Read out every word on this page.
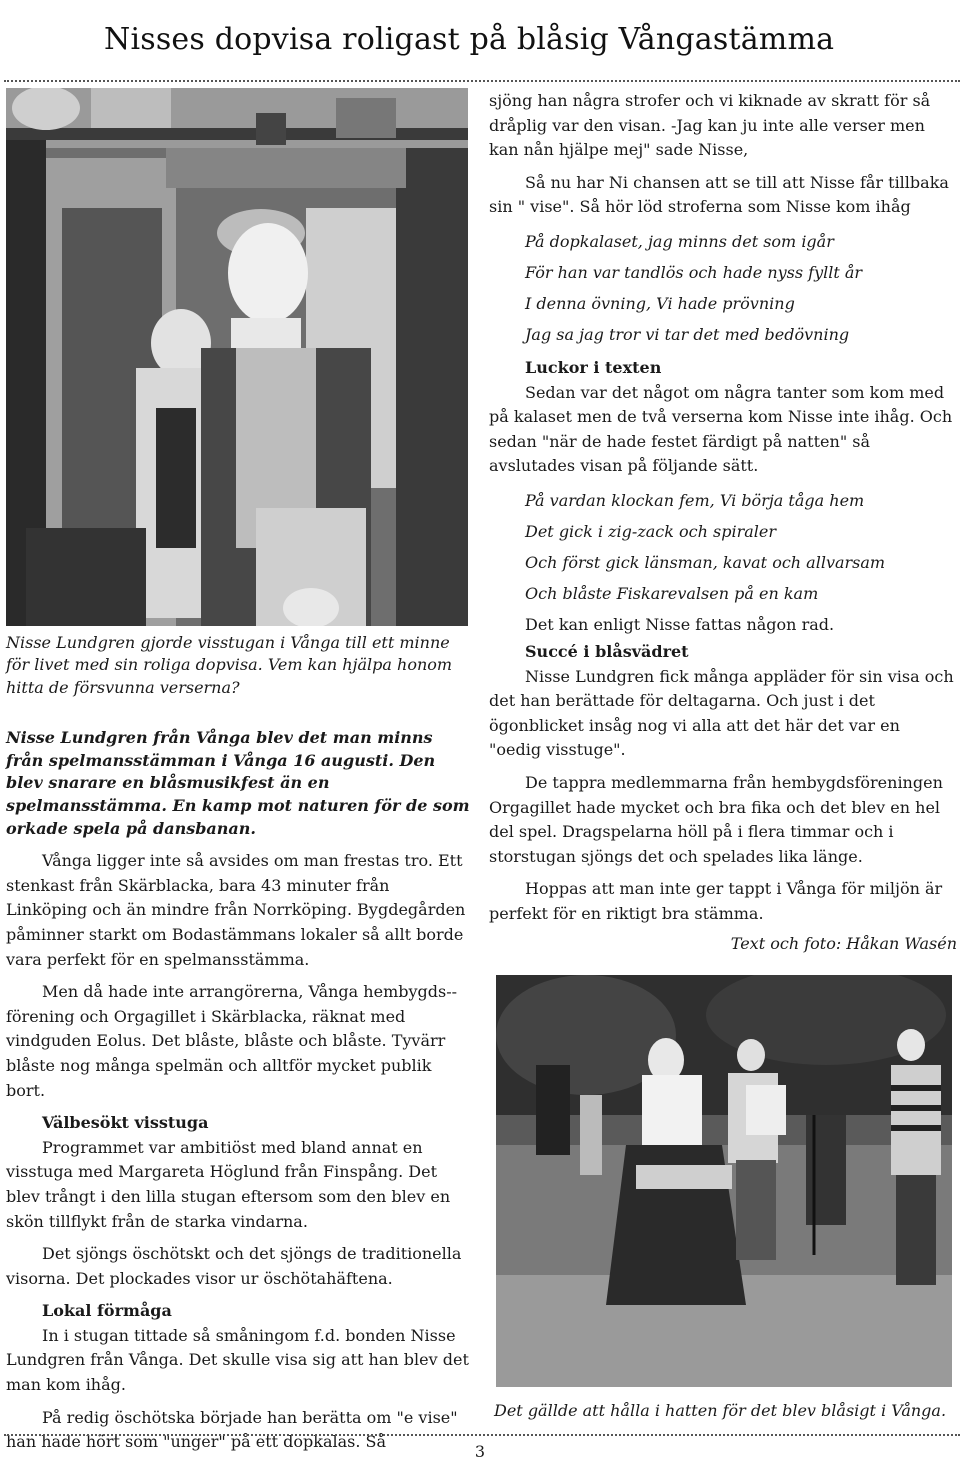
Nisses dopvisa roligast på blåsig Vångastämma

Nisse Lundgren gjorde visstugan i Vånga till ett minne för livet med sin roliga dopvisa. Vem kan hjälpa honom hitta de försvunna verserna?

Nisse Lundgren från Vånga blev det man minns från spelmansstämman i Vånga 16 augusti. Den blev snarare en blåsmusikfest än en spelmansstämma. En kamp mot naturen för de som orkade spela på dansbanan.

Vånga ligger inte så avsides om man frestas tro. Ett stenkast från Skärblacka, bara 43 minuter från Linköping och än mindre från Norrköping. Bygdegården påminner starkt om Bodastämmans lokaler så allt borde vara perfekt för en spelmansstämma.

Men då hade inte arrangörerna, Vånga hembygds--förening och Orgagillet i Skärblacka, räknat med vindguden Eolus. Det blåste, blåste och blåste. Tyvärr blåste nog många spelmän och alltför mycket publik bort.

Välbesökt visstuga

Programmet var ambitiöst med bland annat en visstuga med Margareta Höglund från Finspång. Det blev trångt i den lilla stugan eftersom som den blev en skön tillflykt från de starka vindarna.

Det sjöngs öschötskt och det sjöngs de traditionella visorna. Det plockades visor ur öschötahäftena.

Lokal förmåga

In i stugan tittade så småningom f.d. bonden Nisse Lundgren från Vånga. Det skulle visa sig att han blev det man kom ihåg.

På redig öschötska började han berätta om "e vise" han hade hört som "unger" på ett dopkalas. Så

sjöng han några strofer och vi kiknade av skratt för så dråplig var den visan. -Jag kan ju inte alle verser men kan nån hjälpe mej" sade Nisse,

Så nu har Ni chansen att se till att Nisse får tillbaka sin " vise". Så hör löd stroferna som Nisse kom ihåg

På dopkalaset, jag minns det som igår

För han var tandlös och hade nyss fyllt år

I denna övning, Vi hade prövning

Jag sa jag tror vi tar det med bedövning

Luckor i texten

Sedan var det något om några tanter som kom med på kalaset men de två verserna kom Nisse inte ihåg. Och sedan "när de hade festet färdigt på natten" så avslutades visan på följande sätt.

På vardan klockan fem, Vi börja tåga hem

Det gick i zig-zack och spiraler

Och först gick länsman, kavat och allvarsam

Och blåste Fiskarevalsen på en kam

Det kan enligt Nisse fattas någon rad.

Succé i blåsvädret

Nisse Lundgren fick många appläder för sin visa och det han berättade för deltagarna. Och just i det ögonblicket insåg nog vi alla att det här det var en "oedig visstuge".

De tappra medlemmarna från hembygdsföreningen Orgagillet hade mycket och bra fika och det blev en hel del spel. Dragspelarna höll på i flera timmar och i storstugan sjöngs det och spelades lika länge.

Hoppas att man inte ger tappt i Vånga för miljön är perfekt för en riktigt bra stämma.

Text och foto: Håkan Wasén

Det gällde att hålla i hatten för det blev blåsigt i Vånga.
3
